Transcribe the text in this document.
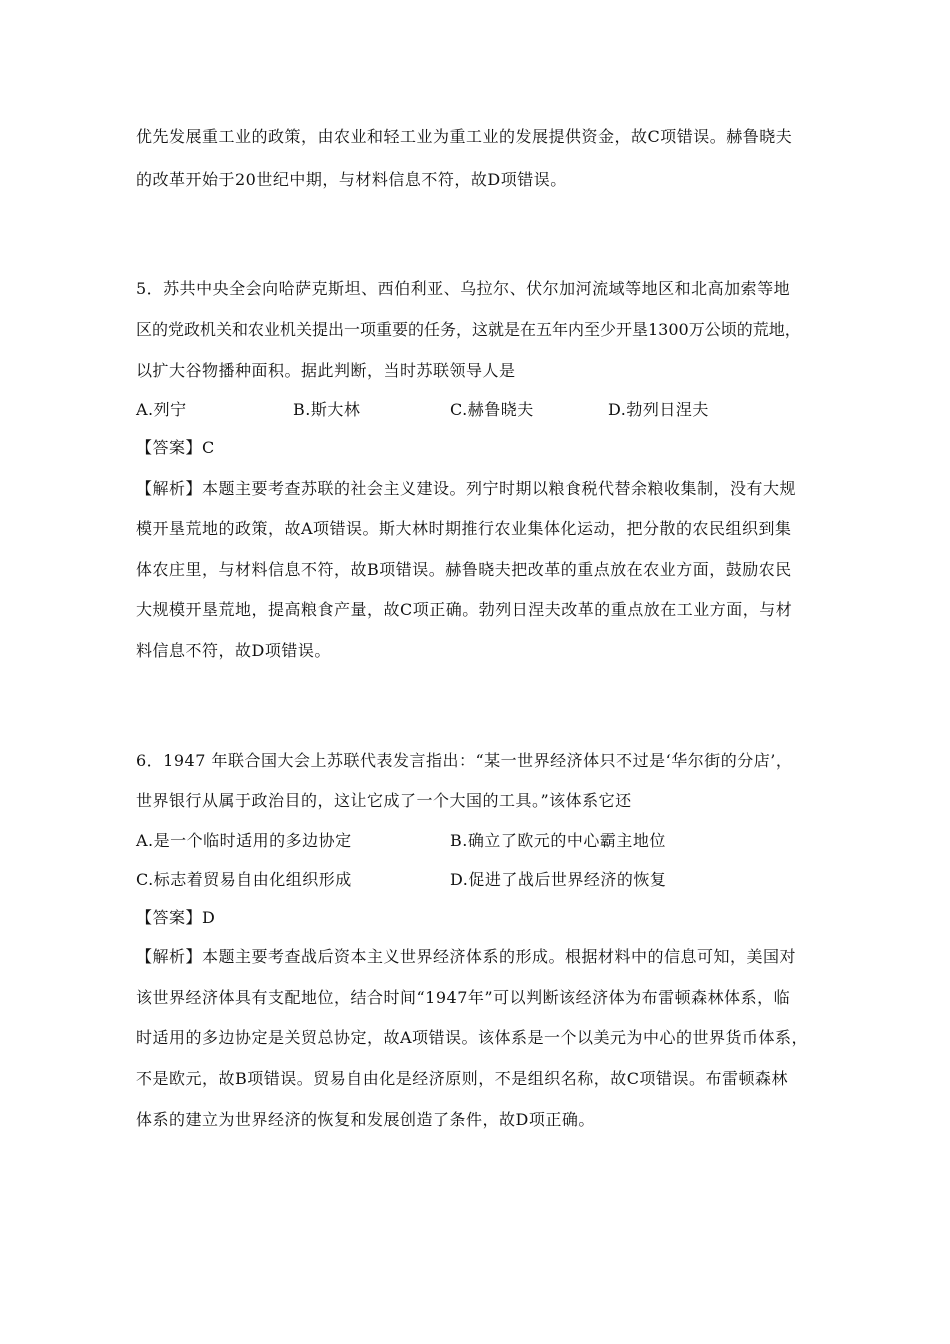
优先发展重工业的政策，由农业和轻工业为重工业的发展提供资金，故C项错误。赫鲁晓夫
的改革开始于20世纪中期，与材料信息不符，故D项错误。
5．苏共中央全会向哈萨克斯坦、西伯利亚、乌拉尔、伏尔加河流域等地区和北高加索等地
区的党政机关和农业机关提出一项重要的任务，这就是在五年内至少开垦1300万公顷的荒地，
以扩大谷物播种面积。据此判断，当时苏联领导人是
A.列宁	B.斯大林	C.赫鲁晓夫	D.勃列日涅夫
【答案】C
【解析】本题主要考查苏联的社会主义建设。列宁时期以粮食税代替余粮收集制，没有大规
模开垦荒地的政策，故A项错误。斯大林时期推行农业集体化运动，把分散的农民组织到集
体农庄里，与材料信息不符，故B项错误。赫鲁晓夫把改革的重点放在农业方面，鼓励农民
大规模开垦荒地，提高粮食产量，故C项正确。勃列日涅夫改革的重点放在工业方面，与材
料信息不符，故D项错误。
6．1947 年联合国大会上苏联代表发言指出：“某一世界经济体只不过是‘华尔街的分店’，
世界银行从属于政治目的，这让它成了一个大国的工具。”该体系它还
A.是一个临时适用的多边协定	B.确立了欧元的中心霸主地位
C.标志着贸易自由化组织形成	D.促进了战后世界经济的恢复
【答案】D
【解析】本题主要考查战后资本主义世界经济体系的形成。根据材料中的信息可知，美国对
该世界经济体具有支配地位，结合时间“1947年”可以判断该经济体为布雷顿森林体系，临
时适用的多边协定是关贸总协定，故A项错误。该体系是一个以美元为中心的世界货币体系，
不是欧元，故B项错误。贸易自由化是经济原则，不是组织名称，故C项错误。布雷顿森林
体系的建立为世界经济的恢复和发展创造了条件，故D项正确。
